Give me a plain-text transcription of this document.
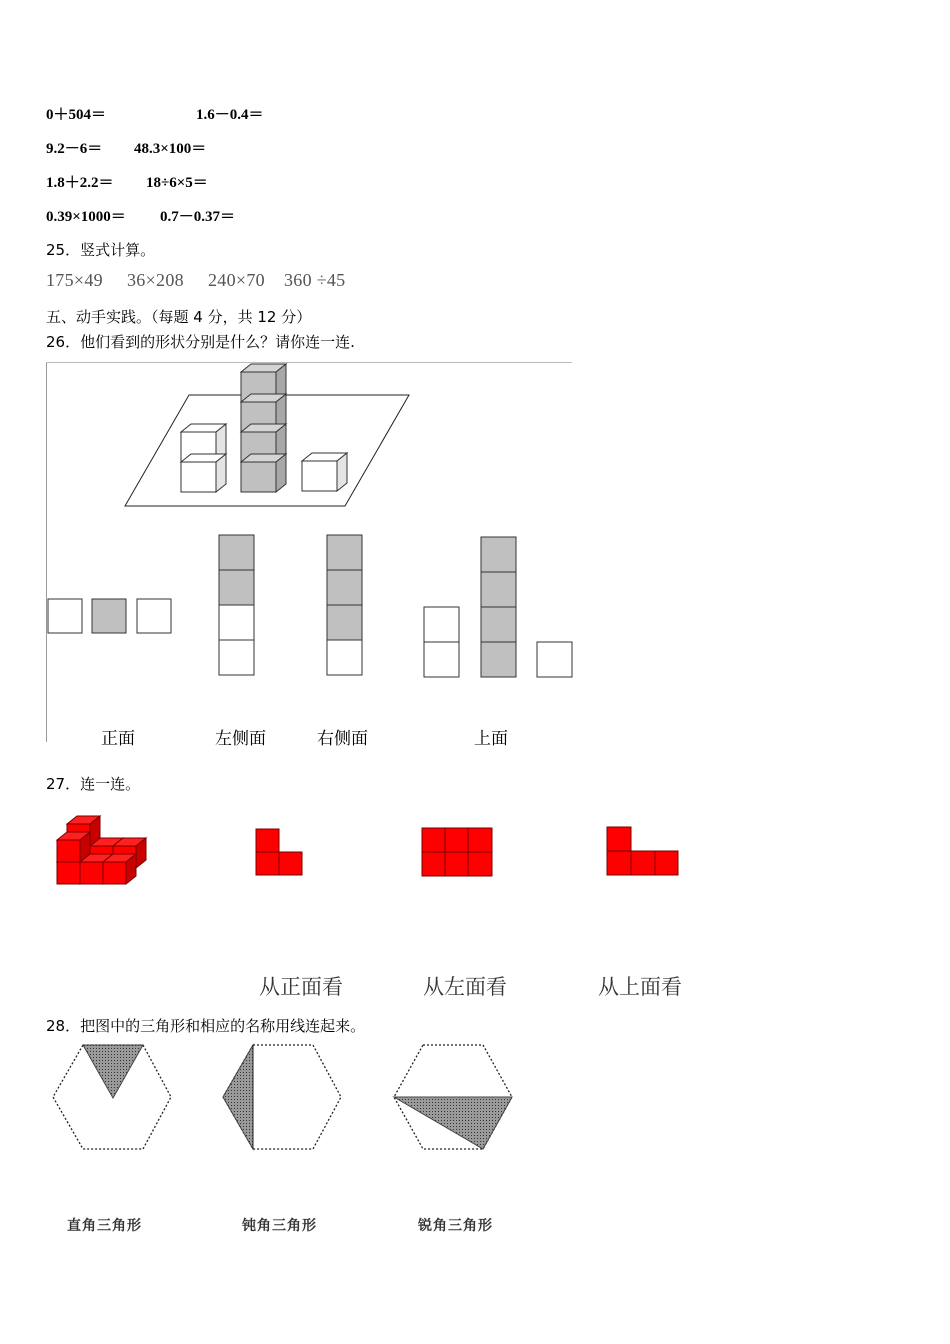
0＋504＝	1.6－0.4＝
9.2－6＝ 48.3×100＝
1.8＋2.2＝ 18÷6×5＝
0.39×1000＝ 0.7－0.37＝
25．竖式计算。
175×49 36×208 240×70 360 ÷45
五、动手实践。（每题 4 分，共 12 分）
26．他们看到的形状分别是什么？请你连一连.
正面	左侧面	右侧面	上面
27．连一连。
从正面看	从左面看	从上面看
28．把图中的三角形和相应的名称用线连起来。
直角三角形	钝角三角形	锐角三角形
